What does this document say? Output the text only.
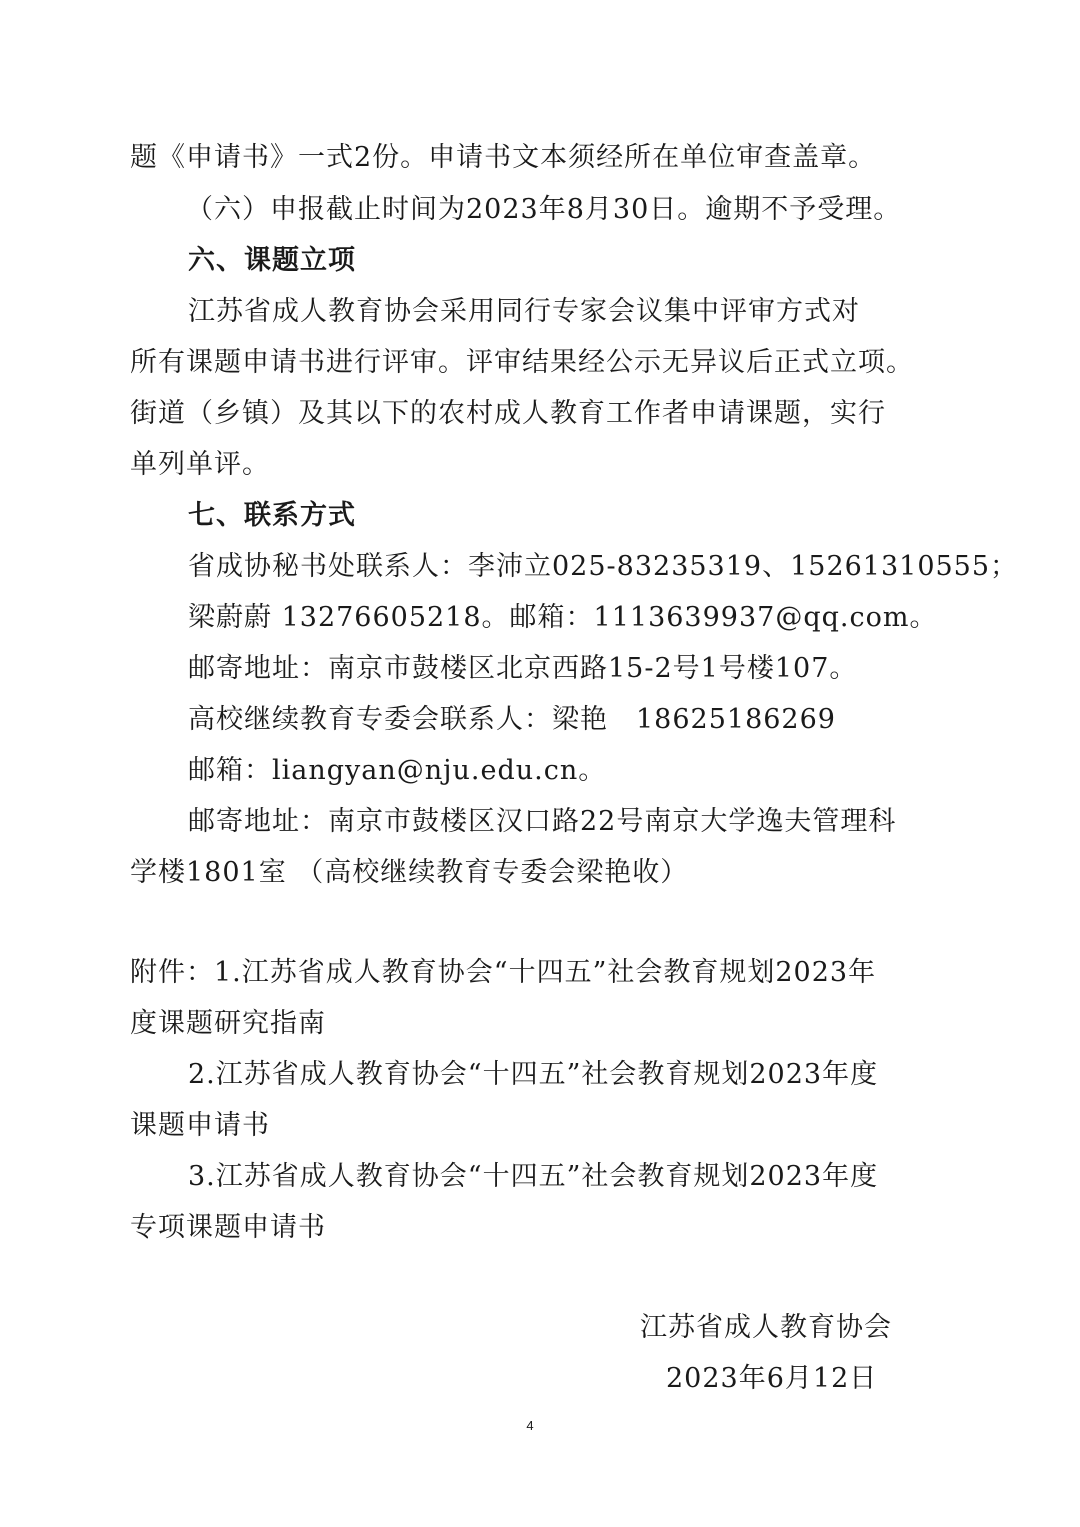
题《申请书》一式2份。申请书文本须经所在单位审查盖章。
（六）申报截止时间为2023年8月30日。逾期不予受理。
六、课题立项
江苏省成人教育协会采用同行专家会议集中评审方式对
所有课题申请书进行评审。评审结果经公示无异议后正式立项。
街道（乡镇）及其以下的农村成人教育工作者申请课题，实行
单列单评。
七、联系方式
省成协秘书处联系人：李沛立025-83235319、15261310555；
梁蔚蔚 13276605218。邮箱：1113639937@qq.com。
邮寄地址：南京市鼓楼区北京西路15-2号1号楼107。
高校继续教育专委会联系人：梁艳　18625186269
邮箱：liangyan@nju.edu.cn。
邮寄地址：南京市鼓楼区汉口路22号南京大学逸夫管理科
学楼1801室 （高校继续教育专委会梁艳收）
附件：1.江苏省成人教育协会“十四五”社会教育规划2023年
度课题研究指南
2.江苏省成人教育协会“十四五”社会教育规划2023年度
课题申请书
3.江苏省成人教育协会“十四五”社会教育规划2023年度
专项课题申请书
江苏省成人教育协会
2023年6月12日
4
